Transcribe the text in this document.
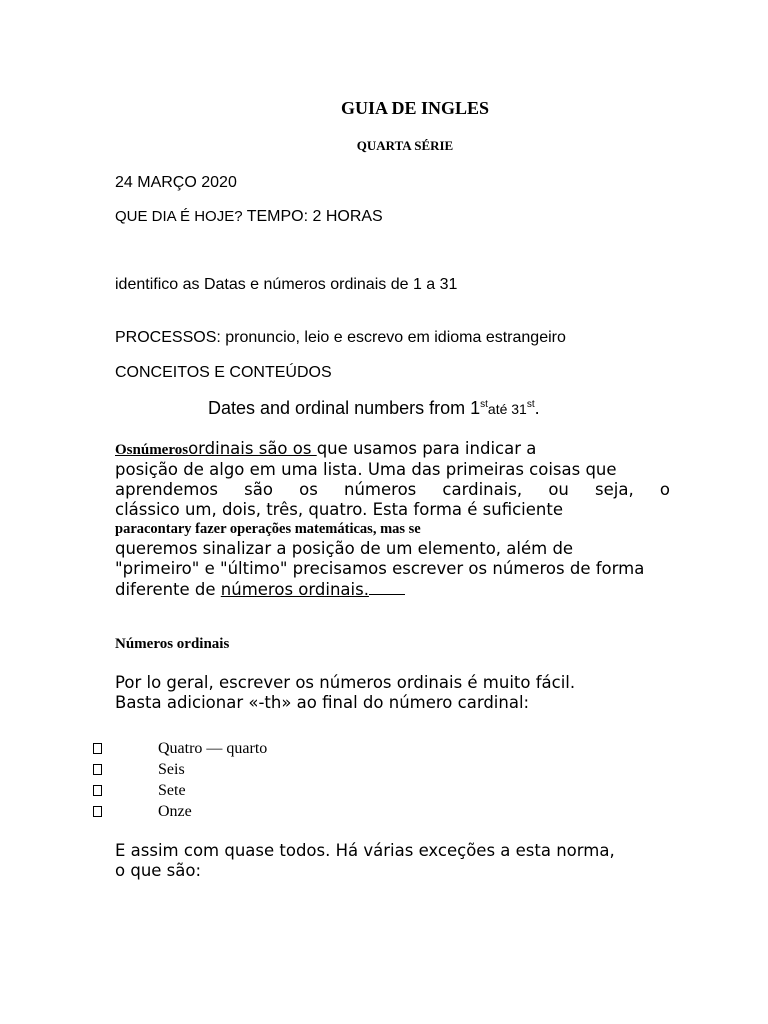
GUIA DE INGLES
QUARTA SÉRIE
24 MARÇO 2020
QUE DIA É HOJE? TEMPO: 2 HORAS
identifico as Datas e números ordinais de 1 a 31
PROCESSOS: pronuncio, leio e escrevo em idioma estrangeiro
CONCEITOS E CONTEÚDOS
Dates and ordinal numbers from 1staté 31st.
Osnúmerosordinais são os que usamos para indicar a
posição de algo em uma lista. Uma das primeiras coisas que
aprendemos são os números cardinais, ou seja, o
clássico um, dois, três, quatro. Esta forma é suficiente
paracontary fazer operações matemáticas, mas se
queremos sinalizar a posição de um elemento, além de
"primeiro" e "último" precisamos escrever os números de forma
diferente de números ordinais.
Números ordinais
Por lo geral, escrever os números ordinais é muito fácil.
Basta adicionar «-th» ao final do número cardinal:
Quatro — quarto
Seis
Sete
Onze
E assim com quase todos. Há várias exceções a esta norma,
o que são:
